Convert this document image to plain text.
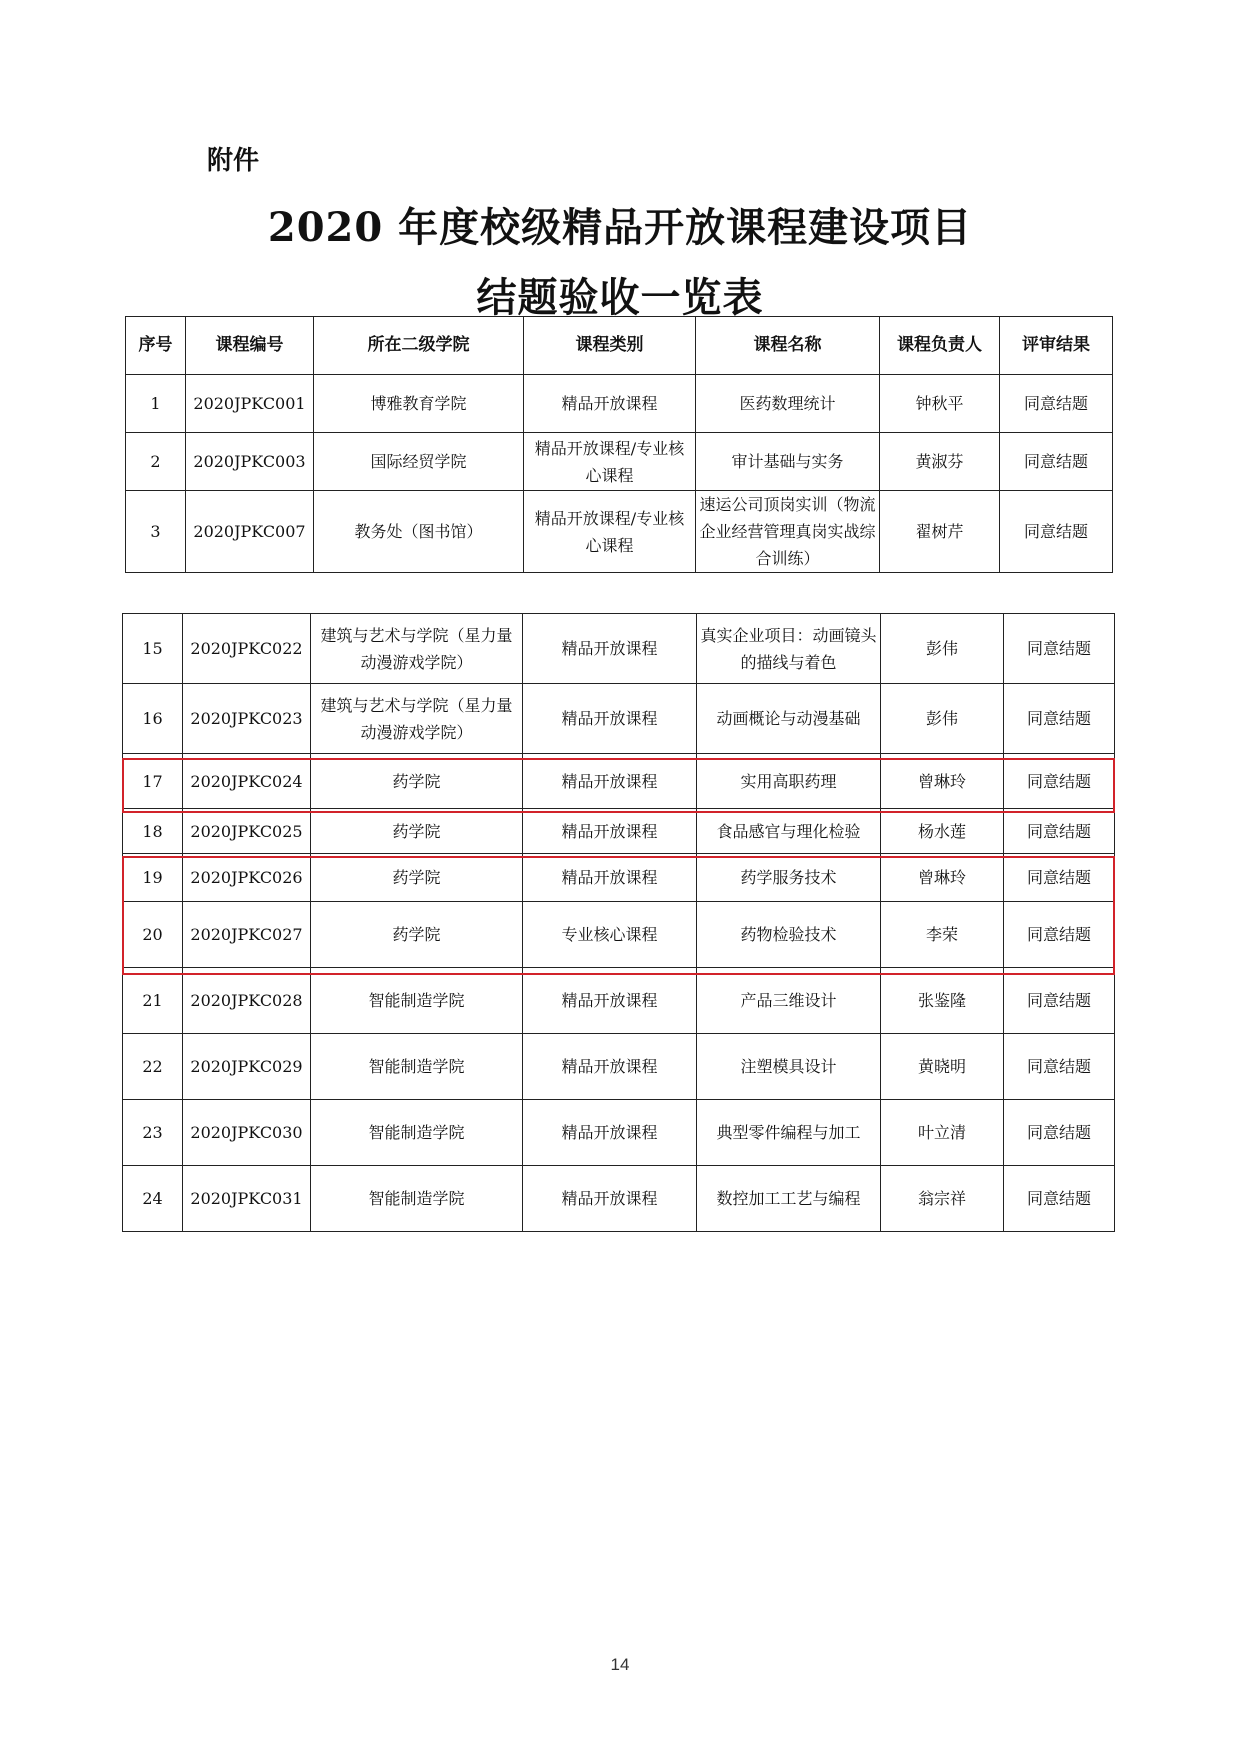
附件
2020 年度校级精品开放课程建设项目
结题验收一览表
序号	课程编号	所在二级学院	课程类别	课程名称	课程负责人	评审结果
1	2020JPKC001	博雅教育学院	精品开放课程	医药数理统计	钟秋平	同意结题
2	2020JPKC003	国际经贸学院	精品开放课程/专业核心课程	审计基础与实务	黄淑芬	同意结题
3	2020JPKC007	教务处（图书馆）	精品开放课程/专业核心课程	速运公司顶岗实训（物流企业经营管理真岗实战综合训练）	翟树芹	同意结题
15	2020JPKC022	建筑与艺术与学院（星力量动漫游戏学院）	精品开放课程	真实企业项目：动画镜头的描线与着色	彭伟	同意结题
16	2020JPKC023	建筑与艺术与学院（星力量动漫游戏学院）	精品开放课程	动画概论与动漫基础	彭伟	同意结题
17	2020JPKC024	药学院	精品开放课程	实用高职药理	曾琳玲	同意结题
18	2020JPKC025	药学院	精品开放课程	食品感官与理化检验	杨水莲	同意结题
19	2020JPKC026	药学院	精品开放课程	药学服务技术	曾琳玲	同意结题
20	2020JPKC027	药学院	专业核心课程	药物检验技术	李荣	同意结题
21	2020JPKC028	智能制造学院	精品开放课程	产品三维设计	张鉴隆	同意结题
22	2020JPKC029	智能制造学院	精品开放课程	注塑模具设计	黄晓明	同意结题
23	2020JPKC030	智能制造学院	精品开放课程	典型零件编程与加工	叶立清	同意结题
24	2020JPKC031	智能制造学院	精品开放课程	数控加工工艺与编程	翁宗祥	同意结题
14
